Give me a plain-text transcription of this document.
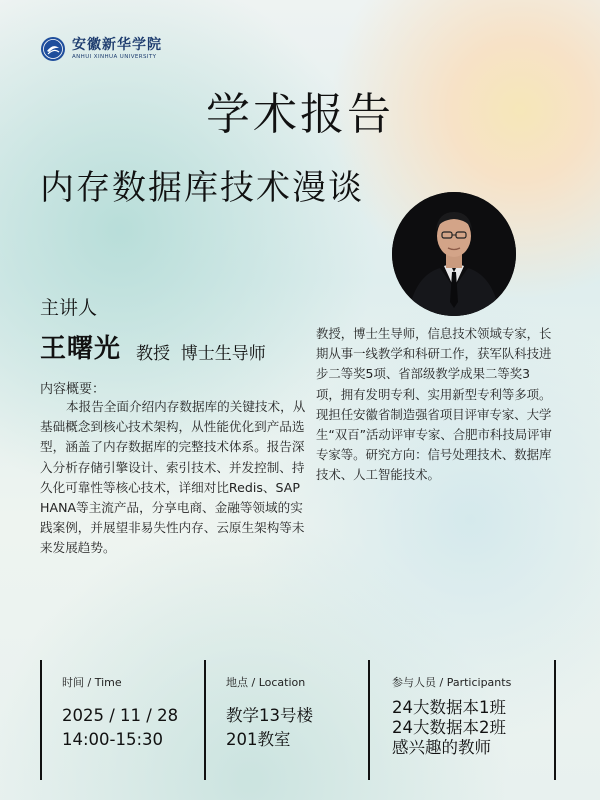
安徽新华学院
ANHUI XINHUA UNIVERSITY
学术报告
内存数据库技术漫谈
主讲人
王曙光 教授  博士生导师
内容概要：
本报告全面介绍内存数据库的关键技术，从基础概念到核心技术架构，从性能优化到产品选型，涵盖了内存数据库的完整技术体系。报告深入分析存储引擎设计、索引技术、并发控制、持久化可靠性等核心技术，详细对比Redis、SAP HANA等主流产品，分享电商、金融等领域的实践案例，并展望非易失性内存、云原生架构等未来发展趋势。
教授，博士生导师，信息技术领域专家，长期从事一线教学和科研工作，获军队科技进步二等奖5项、省部级教学成果二等奖3  项，拥有发明专利、实用新型专利等多项。现担任安徽省制造强省项目评审专家、大学生“双百”活动评审专家、合肥市科技局评审专家等。研究方向：信号处理技术、数据库技术、人工智能技术。
时间 / Time
2025 / 11 / 28
14:00-15:30
地点 / Location
教学13号楼
201教室
参与人员 / Participants
24大数据本1班
24大数据本2班
感兴趣的教师
